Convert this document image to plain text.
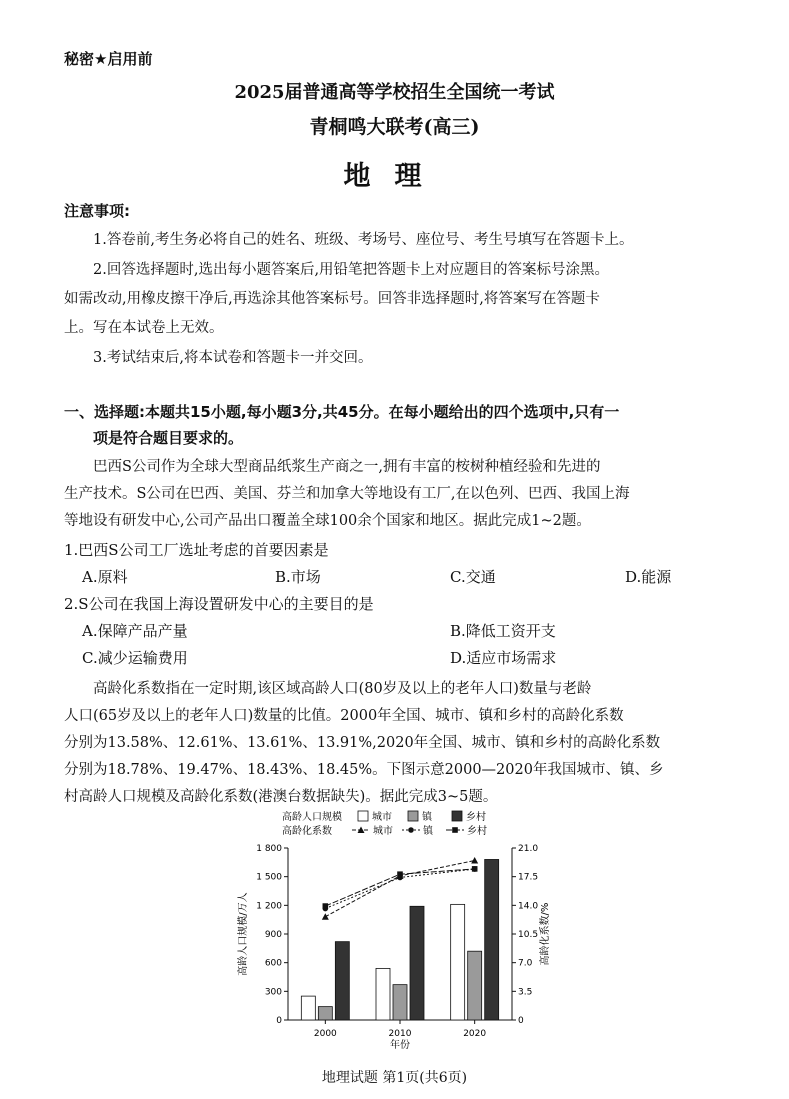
秘密★启用前
2025届普通高等学校招生全国统一考试
青桐鸣大联考(高三)
地理
注意事项:
1.答卷前,考生务必将自己的姓名、班级、考场号、座位号、考生号填写在答题卡上。
2.回答选择题时,选出每小题答案后,用铅笔把答题卡上对应题目的答案标号涂黑。
如需改动,用橡皮擦干净后,再选涂其他答案标号。回答非选择题时,将答案写在答题卡
上。写在本试卷上无效。
3.考试结束后,将本试卷和答题卡一并交回。
一、选择题:本题共15小题,每小题3分,共45分。在每小题给出的四个选项中,只有一
项是符合题目要求的。
巴西S公司作为全球大型商品纸浆生产商之一,拥有丰富的桉树种植经验和先进的
生产技术。S公司在巴西、美国、芬兰和加拿大等地设有工厂,在以色列、巴西、我国上海
等地设有研发中心,公司产品出口覆盖全球100余个国家和地区。据此完成1~2题。
1.巴西S公司工厂选址考虑的首要因素是
A.原料	B.市场	C.交通	D.能源
2.S公司在我国上海设置研发中心的主要目的是
A.保障产品产量	B.降低工资开支
C.减少运输费用	D.适应市场需求
高龄化系数指在一定时期,该区域高龄人口(80岁及以上的老年人口)数量与老龄
人口(65岁及以上的老年人口)数量的比值。2000年全国、城市、镇和乡村的高龄化系数
分别为13.58%、12.61%、13.61%、13.91%,2020年全国、城市、镇和乡村的高龄化系数
分别为18.78%、19.47%、18.43%、18.45%。下图示意2000—2020年我国城市、镇、乡
村高龄人口规模及高龄化系数(港澳台数据缺失)。据此完成3~5题。
高龄人口规模
高龄化系数
城市	镇	乡村
城市	镇	乡村
0
300
600
900
1 200
1 500
1 800
0
3.5
7.0
10.5
14.0
17.5
21.0
2000	2010	2020
年份
高龄人口规模/万人	高龄化系数/%
地理试题 第1页(共6页)
